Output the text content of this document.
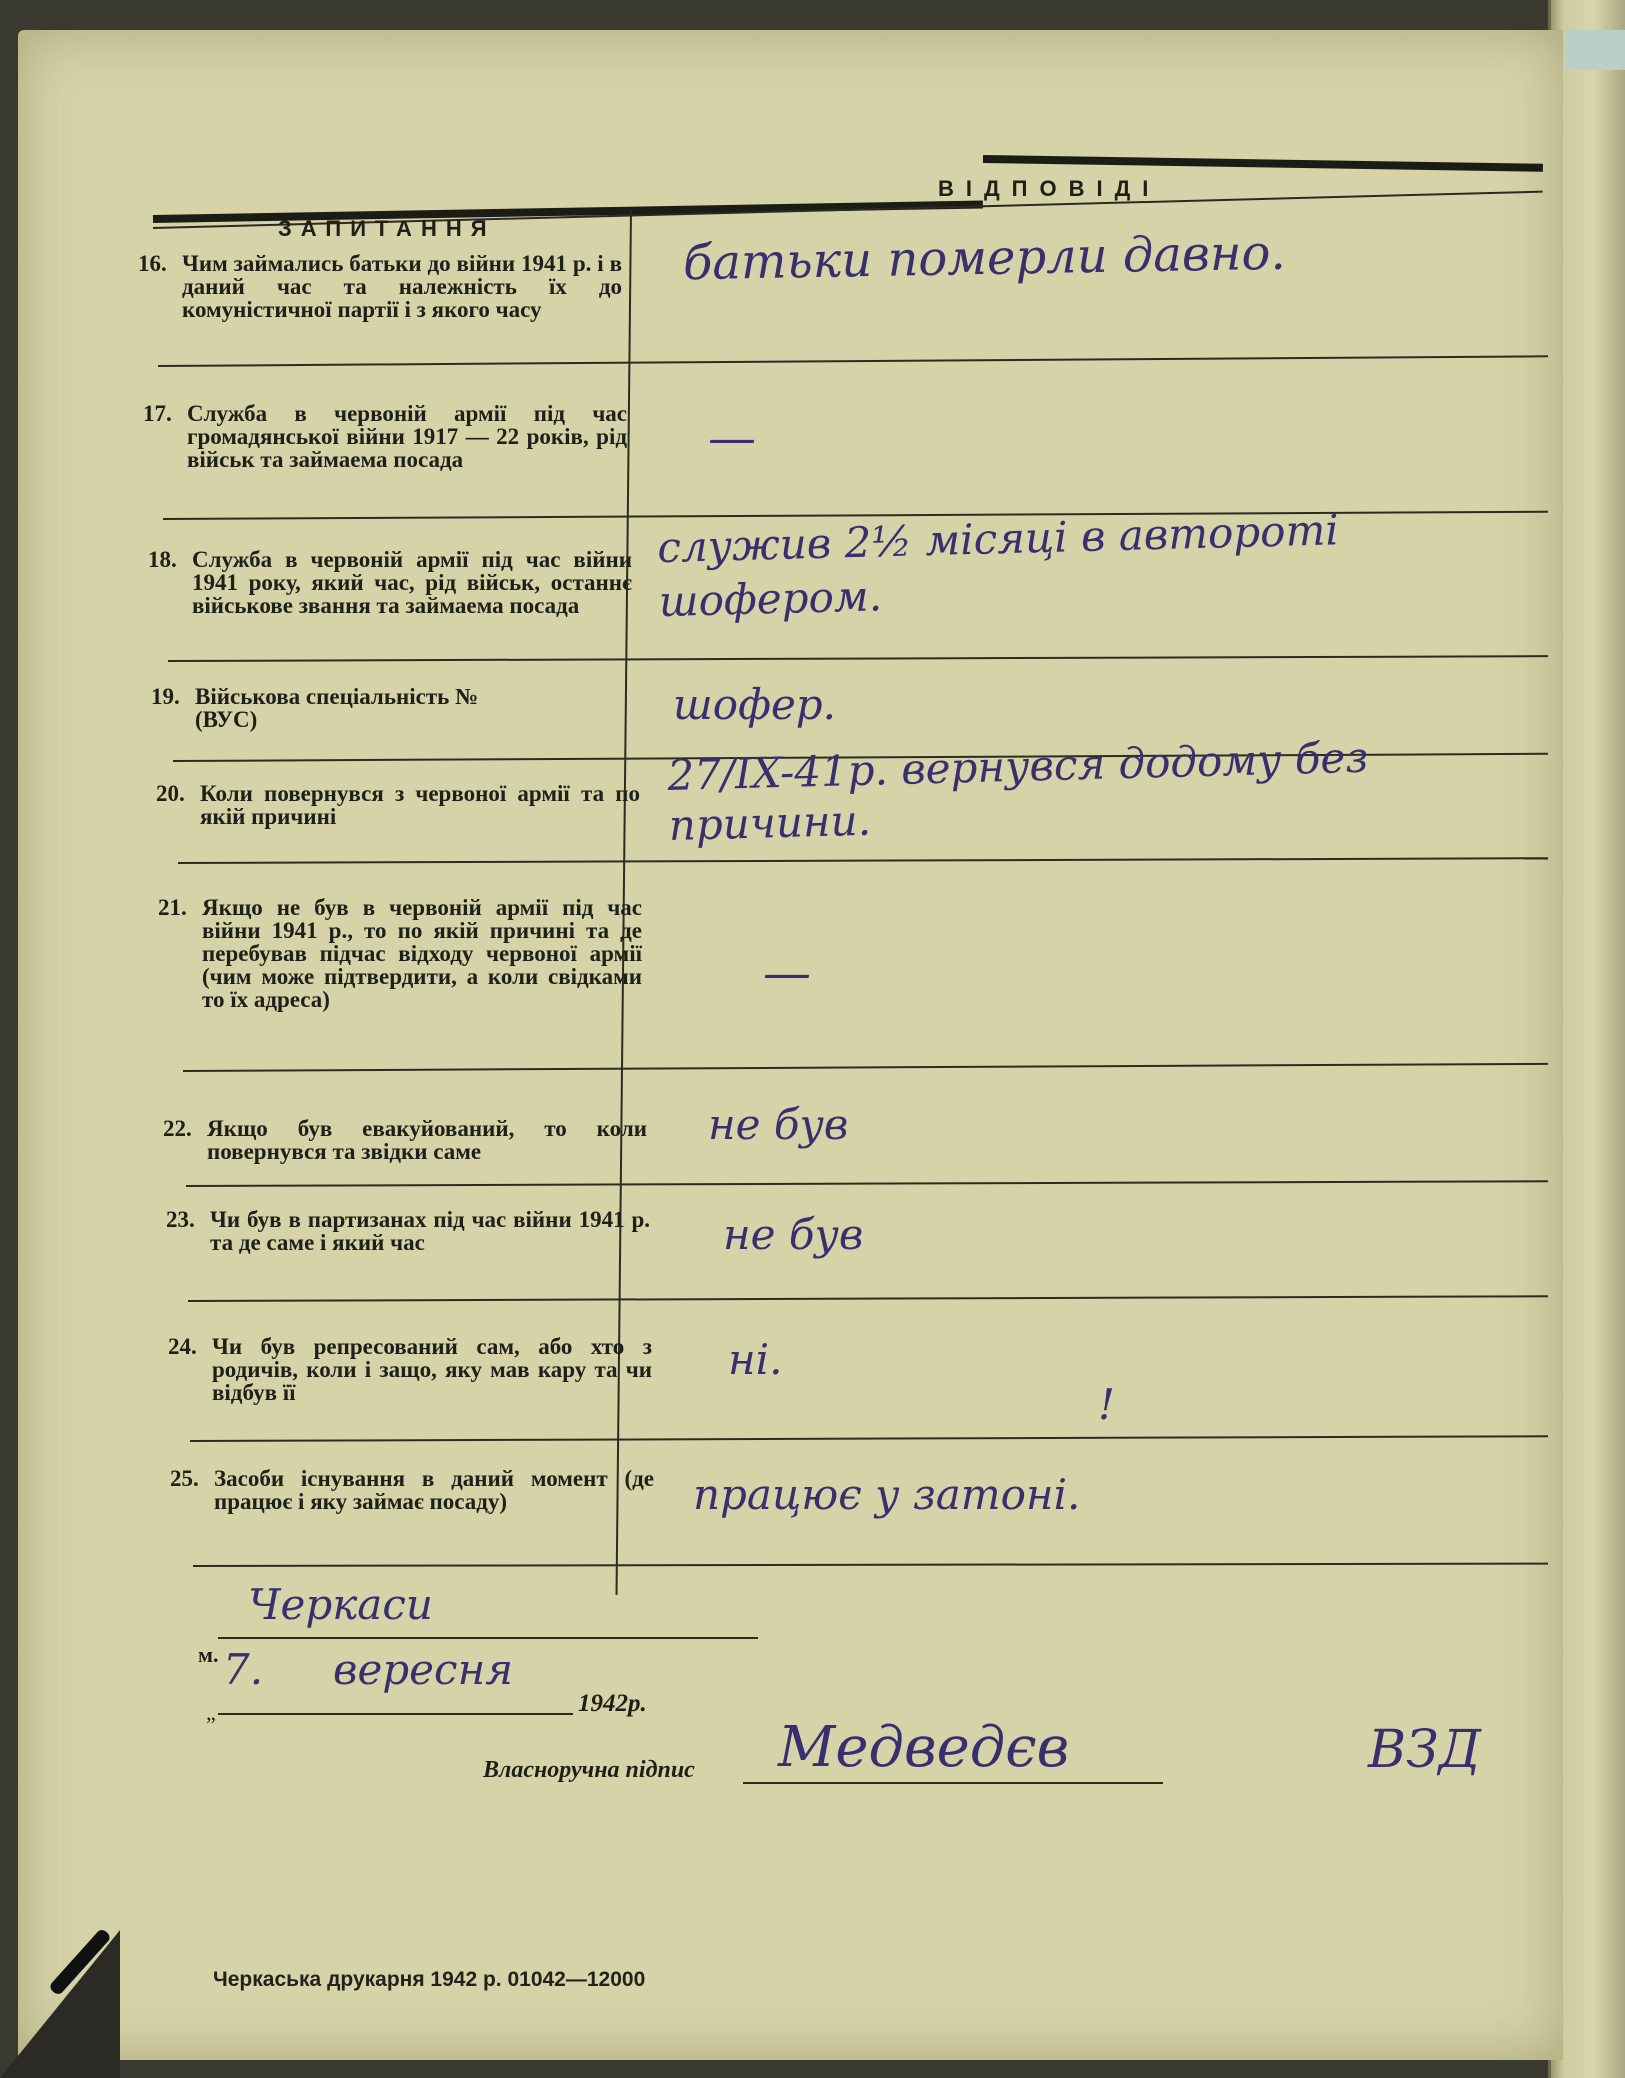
ЗАПИТАННЯ
ВІДПОВІДІ
16. Чим займались батьки до війни 1941 р. і в даний час та належність їх до комуністичної партії і з якого часу
17. Служба в червоній армії під час громадянської війни 1917 — 22 років, рід військ та займаема посада
18. Служба в червоній армії під час війни 1941 року, який час, рід військ, останнє військове звання та займаема посада
19. Військова спеціальність № (ВУС)
20. Коли повернувся з червоної армії та по якій причині
21. Якщо не був в червоній армії під час війни 1941 р., то по якій причині та де перебував підчас відходу червоної армії (чим може підтвердити, а коли свідками то їх адреса)
22. Якщо був евакуйований, то коли повернувся та звідки саме
23. Чи був в партизанах під час війни 1941 р. та де саме і який час
24. Чи був репресований сам, або хто з родичів, коли і защо, яку мав кару та чи відбув її
25. Засоби існування в даний момент (де працює і яку займає посаду)
батьки померли давно.
—
служив 2½ місяці в автороті шофером.
шофер.
27/IX-41р. вернувся додому без причини.
—
не був
не був
ні.
!
працює у затоні.
м.
Черкаси
„
7. вересня
1942р.
Власноручна підпис Медведєв	ВЗД
Черкаська друкарня 1942 р. 01042—12000
